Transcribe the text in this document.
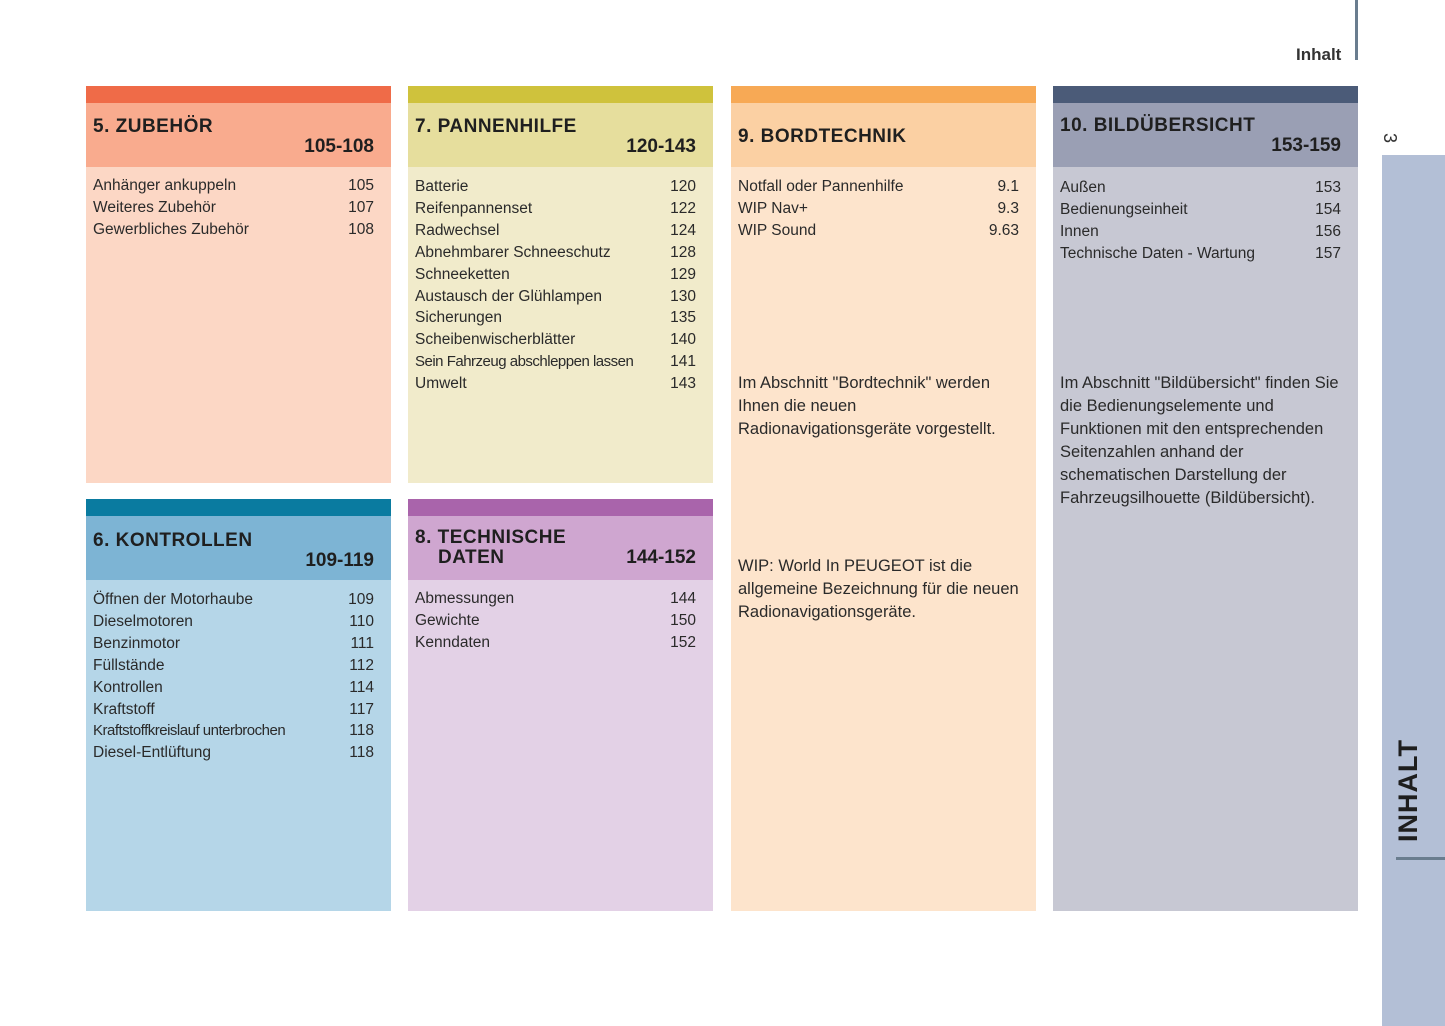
Inhalt
3
INHALT
5. ZUBEHÖR
105-108
Anhänger ankuppeln	105
Weiteres Zubehör	107
Gewerbliches Zubehör	108
6. KONTROLLEN
109-119
Öffnen der Motorhaube	109
Dieselmotoren	110
Benzinmotor	111
Füllstände	112
Kontrollen	114
Kraftstoff	117
Kraftstoffkreislauf unterbrochen	118
Diesel-Entlüftung	118
7. PANNENHILFE
120-143
Batterie	120
Reifenpannenset	122
Radwechsel	124
Abnehmbarer Schneeschutz	128
Schneeketten	129
Austausch der Glühlampen	130
Sicherungen	135
Scheibenwischerblätter	140
Sein Fahrzeug abschleppen lassen 141
Umwelt	143
8. TECHNISCHE
DATEN	144-152
Abmessungen	144
Gewichte	150
Kenndaten	152
9. BORDTECHNIK
Notfall oder Pannenhilfe	9.1
WIP Nav+	9.3
WIP Sound	9.63
Im Abschnitt "Bordtechnik" werden Ihnen die neuen Radionavigationsgeräte vorgestellt.
WIP: World In PEUGEOT ist die allgemeine Bezeichnung für die neuen Radionavigationsgeräte.
10. BILDÜBERSICHT
153-159
Außen	153
Bedienungseinheit	154
Innen	156
Technische Daten - Wartung	157
Im Abschnitt "Bildübersicht" finden Sie die Bedienungselemente und Funktionen mit den entsprechenden Seitenzahlen anhand der schematischen Darstellung der Fahrzeugsilhouette (Bildübersicht).
